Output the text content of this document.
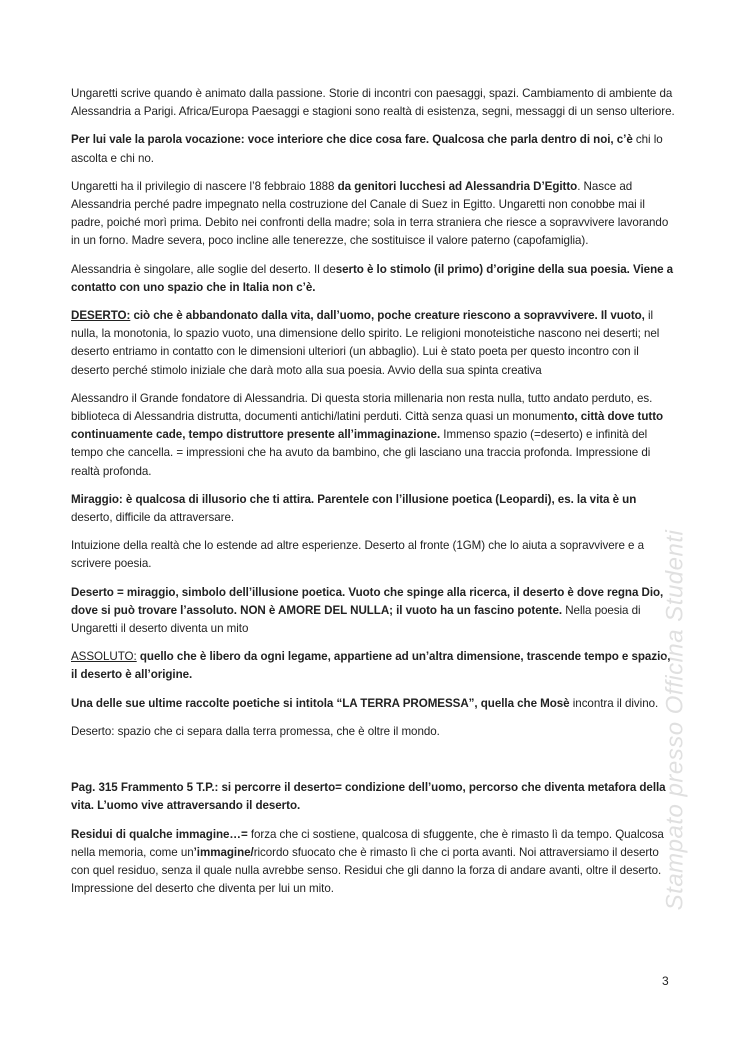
Ungaretti scrive quando è animato dalla passione. Storie di incontri con paesaggi, spazi. Cambiamento di ambiente da Alessandria a Parigi. Africa/Europa Paesaggi e stagioni sono realtà di esistenza, segni, messaggi di un senso ulteriore.

Per lui vale la parola vocazione: voce interiore che dice cosa fare. Qualcosa che parla dentro di noi, c’è chi lo ascolta e chi no.

Ungaretti ha il privilegio di nascere l’8 febbraio 1888 da genitori lucchesi ad Alessandria D’Egitto. Nasce ad Alessandria perché padre impegnato nella costruzione del Canale di Suez in Egitto. Ungaretti non conobbe mai il padre, poiché morì prima. Debito nei confronti della madre; sola in terra straniera che riesce a sopravvivere lavorando in un forno. Madre severa, poco incline alle tenerezze, che sostituisce il valore paterno (capofamiglia).

Alessandria è singolare, alle soglie del deserto. Il deserto è lo stimolo (il primo) d’origine della sua poesia. Viene a contatto con uno spazio che in Italia non c’è.

DESERTO: ciò che è abbandonato dalla vita, dall’uomo, poche creature riescono a sopravvivere. Il vuoto, il nulla, la monotonia, lo spazio vuoto, una dimensione dello spirito. Le religioni monoteistiche nascono nei deserti; nel deserto entriamo in contatto con le dimensioni ulteriori (un abbaglio). Lui è stato poeta per questo incontro con il deserto perché stimolo iniziale che darà moto alla sua poesia. Avvio della sua spinta creativa

Alessandro il Grande fondatore di Alessandria. Di questa storia millenaria non resta nulla, tutto andato perduto, es. biblioteca di Alessandria distrutta, documenti antichi/latini perduti. Città senza quasi un monumento, città dove tutto continuamente cade, tempo distruttore presente all’immaginazione. Immenso spazio (=deserto) e infinità del tempo che cancella. = impressioni che ha avuto da bambino, che gli lasciano una traccia profonda. Impressione di realtà profonda.

Miraggio: è qualcosa di illusorio che ti attira. Parentele con l’illusione poetica (Leopardi), es. la vita è un deserto, difficile da attraversare.

Intuizione della realtà che lo estende ad altre esperienze. Deserto al fronte (1GM) che lo aiuta a sopravvivere e a scrivere poesia.

Deserto = miraggio, simbolo dell’illusione poetica. Vuoto che spinge alla ricerca, il deserto è dove regna Dio, dove si può trovare l’assoluto. NON è AMORE DEL NULLA; il vuoto ha un fascino potente. Nella poesia di Ungaretti il deserto diventa un mito

ASSOLUTO: quello che è libero da ogni legame, appartiene ad un’altra dimensione, trascende tempo e spazio, il deserto è all’origine.

Una delle sue ultime raccolte poetiche si intitola “LA TERRA PROMESSA”, quella che Mosè incontra il divino.

Deserto: spazio che ci separa dalla terra promessa, che è oltre il mondo.

Pag. 315 Frammento 5 T.P.: si percorre il deserto= condizione dell’uomo, percorso che diventa metafora della vita. L’uomo vive attraversando il deserto.

Residui di qualche immagine…= forza che ci sostiene, qualcosa di sfuggente, che è rimasto lì da tempo. Qualcosa nella memoria, come un’immagine/ricordo sfuocato che è rimasto lì che ci porta avanti. Noi attraversiamo il deserto con quel residuo, senza il quale nulla avrebbe senso. Residui che gli danno la forza di andare avanti, oltre il deserto. Impressione del deserto che diventa per lui un mito.	Stampato presso Officina Studenti
3
